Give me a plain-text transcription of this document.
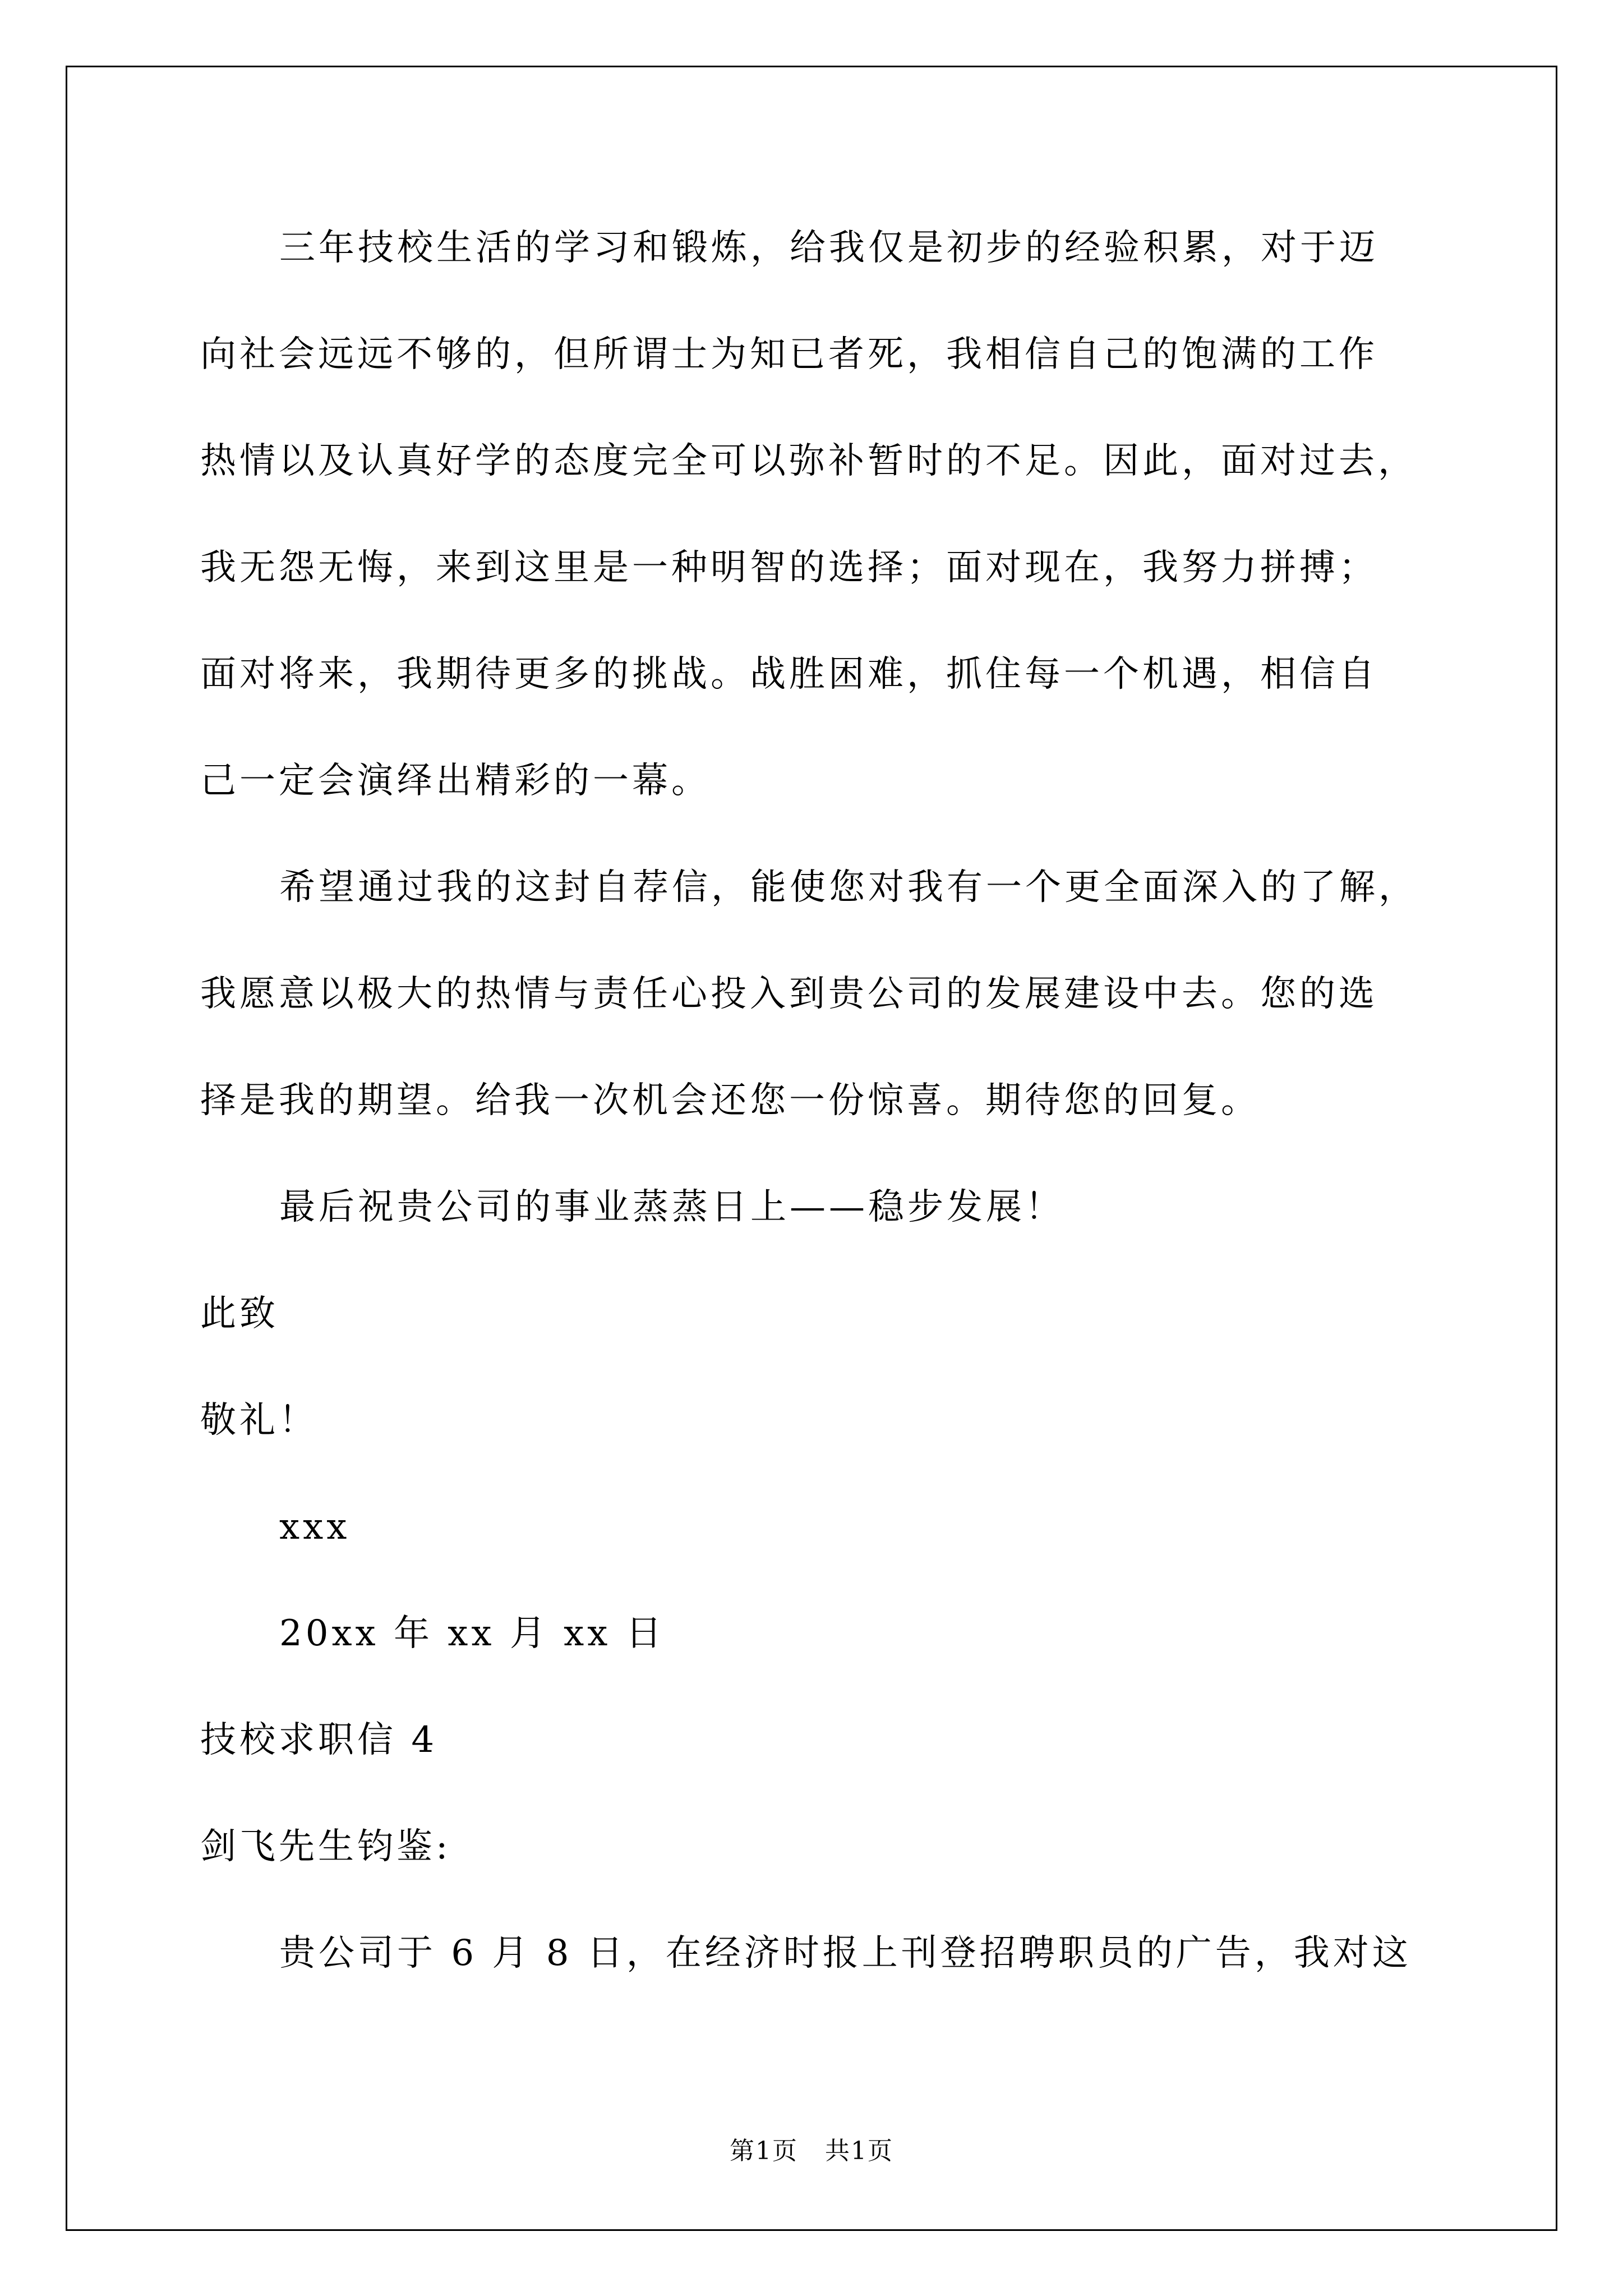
三年技校生活的学习和锻炼，给我仅是初步的经验积累，对于迈

向社会远远不够的，但所谓士为知已者死，我相信自己的饱满的工作

热情以及认真好学的态度完全可以弥补暂时的不足。因此，面对过去，

我无怨无悔，来到这里是一种明智的选择；面对现在，我努力拼搏；

面对将来，我期待更多的挑战。战胜困难，抓住每一个机遇，相信自

己一定会演绎出精彩的一幕。

希望通过我的这封自荐信，能使您对我有一个更全面深入的了解，

我愿意以极大的热情与责任心投入到贵公司的发展建设中去。您的选

择是我的期望。给我一次机会还您一份惊喜。期待您的回复。

最后祝贵公司的事业蒸蒸日上——稳步发展！

此致

敬礼！

xxx

20xx 年 xx 月 xx 日

技校求职信 4

剑飞先生钧鉴:

贵公司于 6 月 8 日，在经济时报上刊登招聘职员的广告，我对这

第1页   共1页
